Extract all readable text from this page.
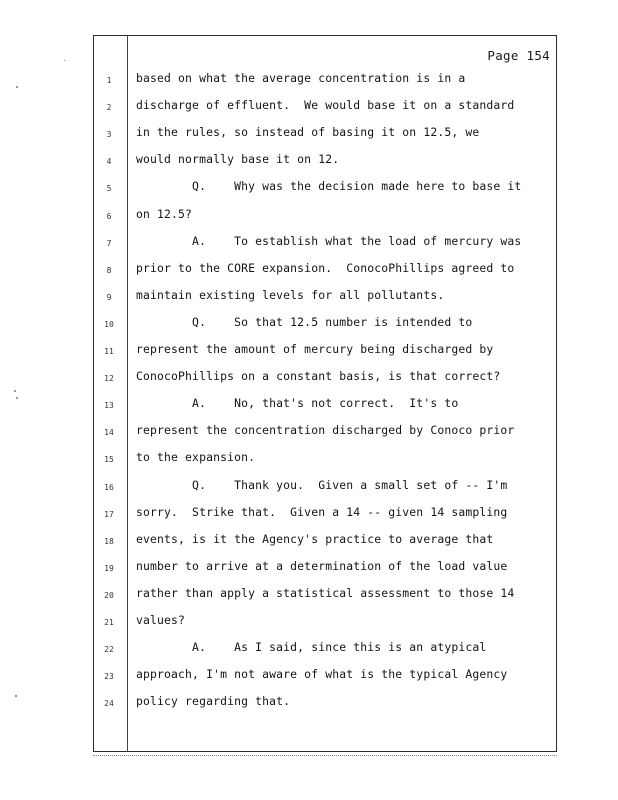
Page 154
1	based on what the average concentration is in a
2	discharge of effluent.  We would base it on a standard
3	in the rules, so instead of basing it on 12.5, we
4	would normally base it on 12.
5	Q.    Why was the decision made here to base it
6	on 12.5?
7	A.    To establish what the load of mercury was
8	prior to the CORE expansion.  ConocoPhillips agreed to
9	maintain existing levels for all pollutants.
10	Q.    So that 12.5 number is intended to
11	represent the amount of mercury being discharged by
12	ConocoPhillips on a constant basis, is that correct?
13	A.    No, that's not correct.  It's to
14	represent the concentration discharged by Conoco prior
15	to the expansion.
16	Q.    Thank you.  Given a small set of -- I'm
17	sorry.  Strike that.  Given a 14 -- given 14 sampling
18	events, is it the Agency's practice to average that
19	number to arrive at a determination of the load value
20	rather than apply a statistical assessment to those 14
21	values?
22	A.    As I said, since this is an atypical
23	approach, I'm not aware of what is the typical Agency
24	policy regarding that.
